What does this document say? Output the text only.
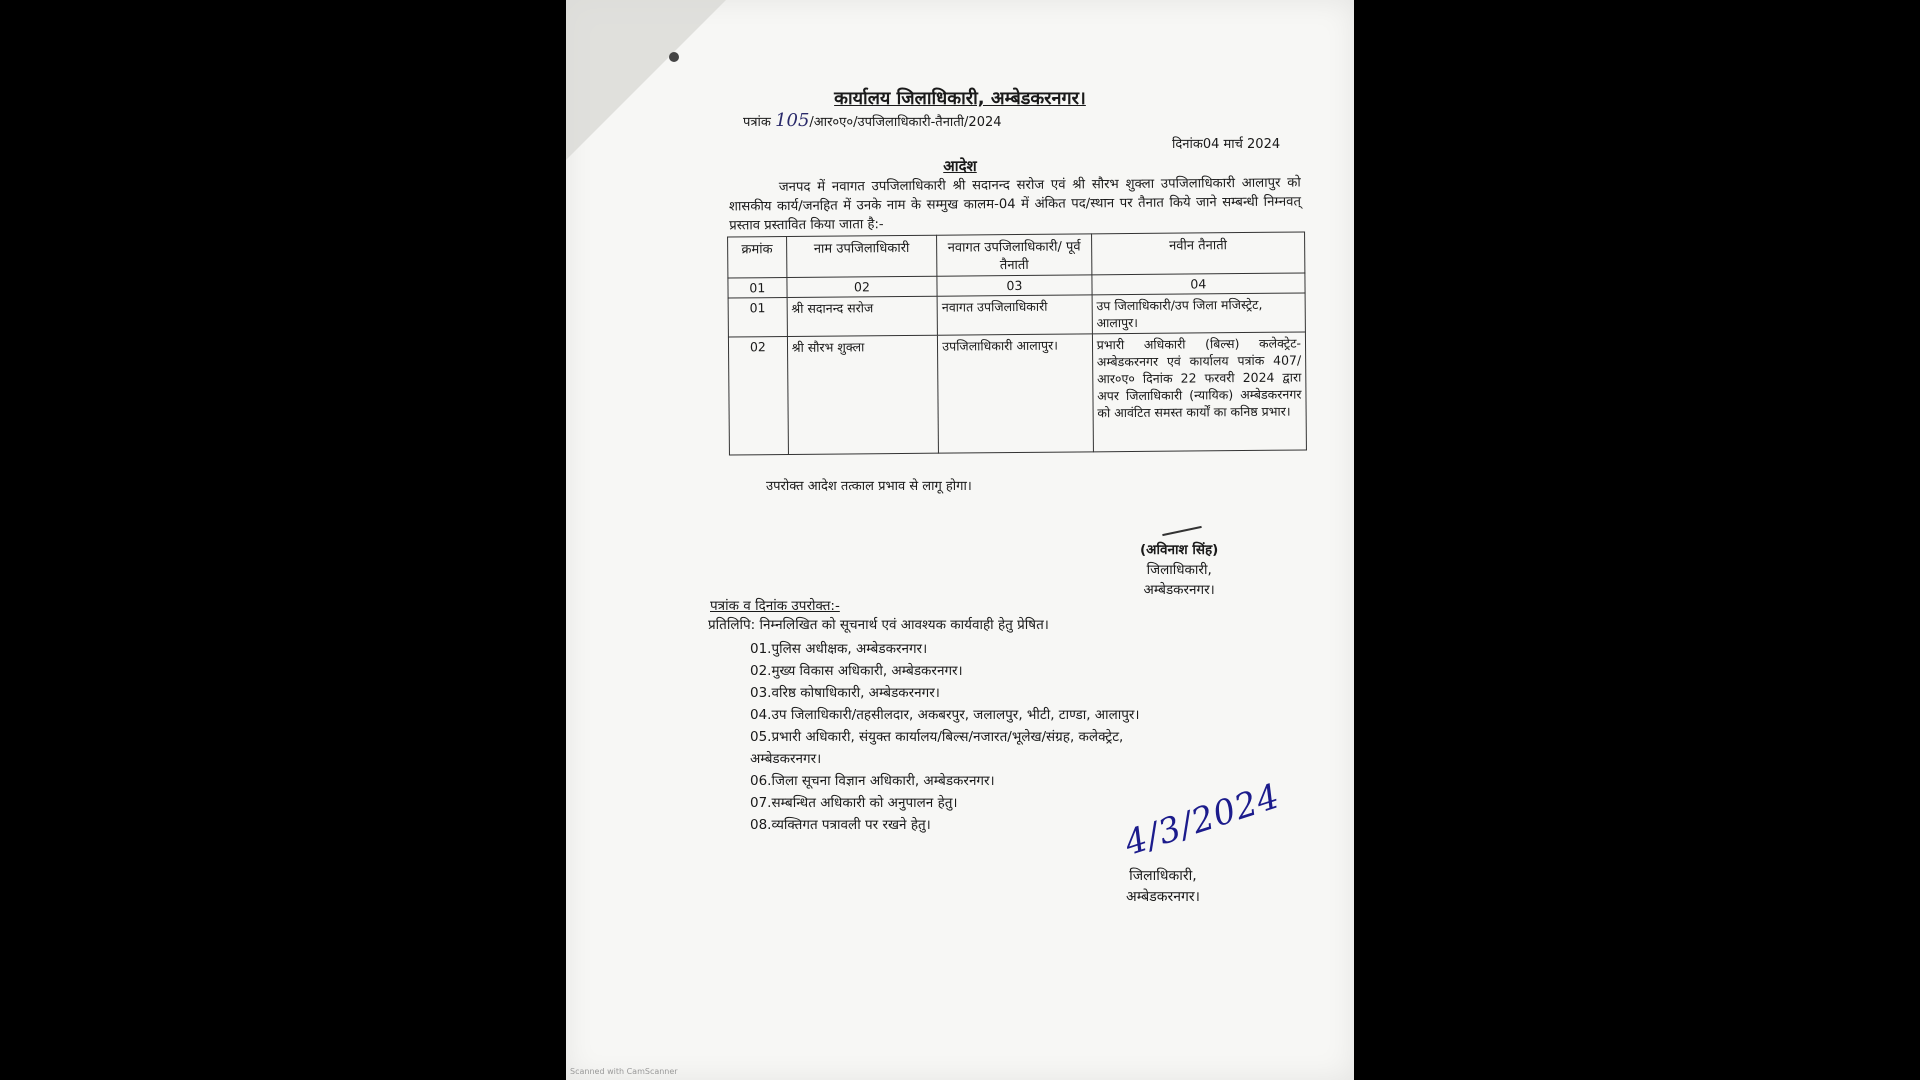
कार्यालय जिलाधिकारी, अम्बेडकरनगर।
पत्रांक 105/आर०ए०/उपजिलाधिकारी-तैनाती/2024
दिनांक04 मार्च 2024
आदेश
जनपद में नवागत उपजिलाधिकारी श्री सदानन्द सरोज एवं श्री सौरभ शुक्ला उपजिलाधिकारी आलापुर को शासकीय कार्य/जनहित में उनके नाम के सम्मुख कालम-04 में अंकित पद/स्थान पर तैनात किये जाने सम्बन्धी निम्नवत् प्रस्ताव प्रस्तावित किया जाता है:-
क्रमांक	नाम उपजिलाधिकारी	नवागत उपजिलाधिकारी/ पूर्व तैनाती	नवीन तैनाती
01	02	03	04
01	श्री सदानन्द सरोज	नवागत उपजिलाधिकारी	उप जिलाधिकारी/उप जिला मजिस्ट्रेट, आलापुर।
02	श्री सौरभ शुक्ला	उपजिलाधिकारी आलापुर।	प्रभारी अधिकारी (बिल्स) कलेक्ट्रेट- अम्बेडकरनगर एवं कार्यालय पत्रांक 407/ आर०ए० दिनांक 22 फरवरी 2024 द्वारा अपर जिलाधिकारी (न्यायिक) अम्बेडकरनगर को आवंटित समस्त कार्यों का कनिष्ठ प्रभार।
उपरोक्त आदेश तत्काल प्रभाव से लागू होगा।
(अविनाश सिंह)
जिलाधिकारी,
अम्बेडकरनगर।
पत्रांक व दिनांक उपरोक्त:-
प्रतिलिपि: निम्नलिखित को सूचनार्थ एवं आवश्यक कार्यवाही हेतु प्रेषित।
01.पुलिस अधीक्षक, अम्बेडकरनगर।
02.मुख्य विकास अधिकारी, अम्बेडकरनगर।
03.वरिष्ठ कोषाधिकारी, अम्बेडकरनगर।
04.उप जिलाधिकारी/तहसीलदार, अकबरपुर, जलालपुर, भीटी, टाण्डा, आलापुर।
05.प्रभारी अधिकारी, संयुक्त कार्यालय/बिल्स/नजारत/भूलेख/संग्रह, कलेक्ट्रेट, अम्बेडकरनगर।
06.जिला सूचना विज्ञान अधिकारी, अम्बेडकरनगर।
07.सम्बन्धित अधिकारी को अनुपालन हेतु।
08.व्यक्तिगत पत्रावली पर रखने हेतु।	4/3/2024
जिलाधिकारी,
अम्बेडकरनगर।
Scanned with CamScanner
